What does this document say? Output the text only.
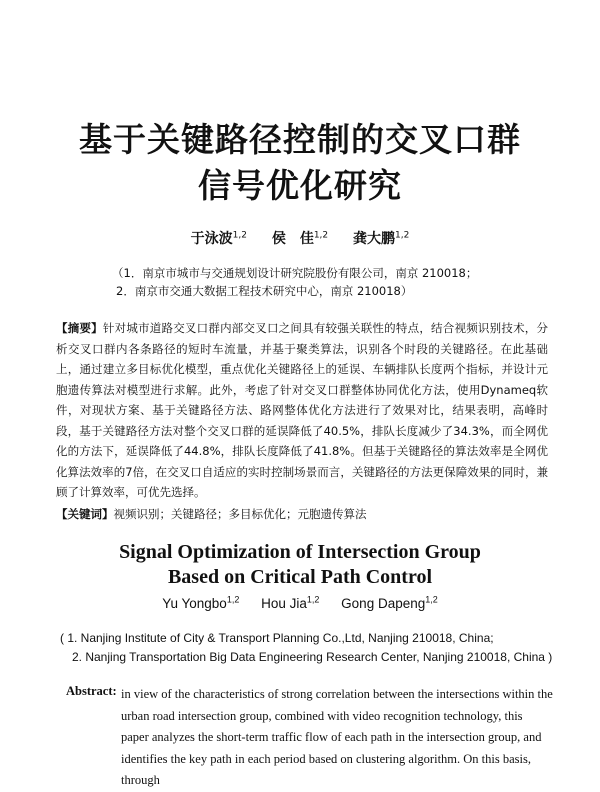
基于关键路径控制的交叉口群
信号优化研究
于泳波$^{1,2}$ 侯　佳$^{1,2}$ 龚大鹏$^{1,2}$
（1．南京市城市与交通规划设计研究院股份有限公司，南京 210018；
2．南京市交通大数据工程技术研究中心，南京 210018）
【摘要】针对城市道路交叉口群内部交叉口之间具有较强关联性的特点，结合视频识别技术，分析交叉口群内各条路径的短时车流量，并基于聚类算法，识别各个时段的关键路径。在此基础上，通过建立多目标优化模型，重点优化关键路径上的延误、车辆排队长度两个指标，并设计元胞遗传算法对模型进行求解。此外，考虑了针对交叉口群整体协同优化方法，使用Dynameq软件，对现状方案、基于关键路径方法、路网整体优化方法进行了效果对比，结果表明，高峰时段，基于关键路径方法对整个交叉口群的延误降低了40.5%，排队长度减少了34.3%，而全网优化的方法下，延误降低了44.8%，排队长度降低了41.8%。但基于关键路径的算法效率是全网优化算法效率的7倍，在交叉口自适应的实时控制场景而言，关键路径的方法更保障效果的同时，兼顾了计算效率，可优先选择。
【关键词】视频识别；关键路径；多目标优化；元胞遗传算法
Signal Optimization of Intersection Group
Based on Critical Path Control
Yu Yongbo$^{1,2}$ Hou Jia$^{1,2}$ Gong Dapeng$^{1,2}$
( 1. Nanjing Institute of City & Transport Planning Co.,Ltd, Nanjing 210018, China;
2. Nanjing Transportation Big Data Engineering Research Center, Nanjing 210018, China )
Abstract: in view of the characteristics of strong correlation between the intersections within the urban road intersection group, combined with video recognition technology, this paper analyzes the short-term traffic flow of each path in the intersection group, and identifies the key path in each period based on clustering algorithm. On this basis, through
